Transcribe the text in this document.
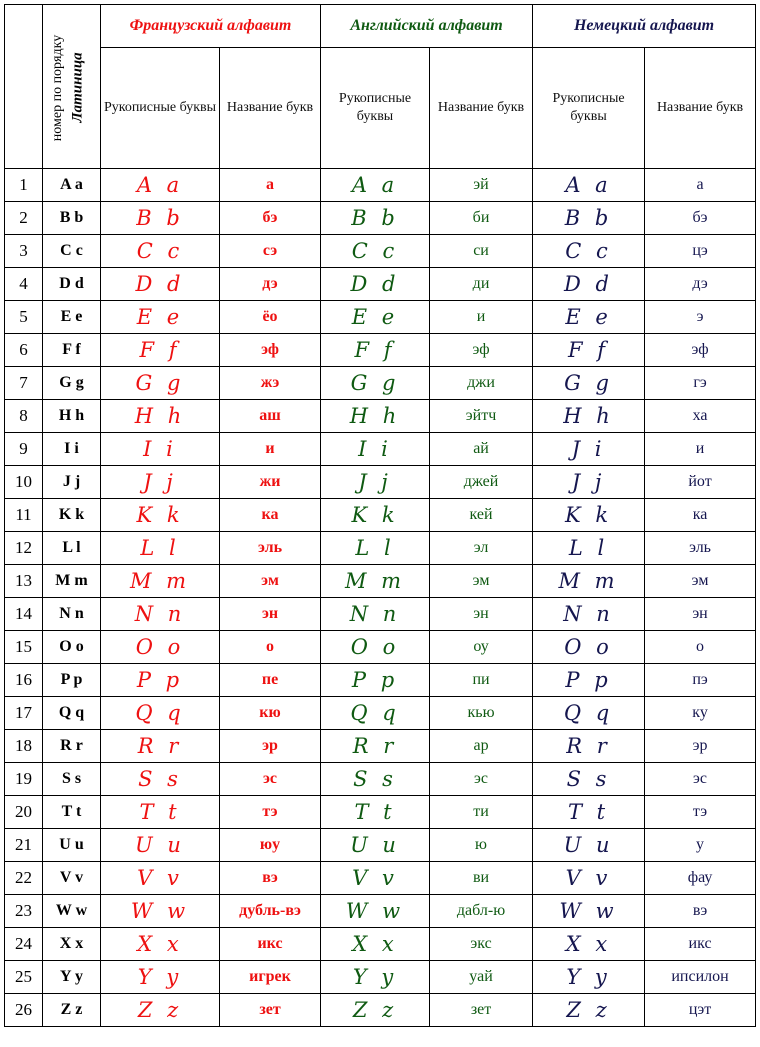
номер по порядку	Латиница	Французский алфавит		Английский алфавит		Немецкий алфавит	
		Рукописные буквы	Название букв	Рукописные буквы	Название букв	Рукописные буквы	Название букв
1	A a	A a	а	A a	эй	A a	а
2	B b	B b	бэ	B b	би	B b	бэ
3	C c	C c	сэ	C c	си	C c	цэ
4	D d	D d	дэ	D d	ди	D d	дэ
5	E e	E e	ёо	E e	и	E e	э
6	F f	F f	эф	F f	эф	F f	эф
7	G g	G g	жэ	G g	джи	G g	гэ
8	H h	H h	аш	H h	эйтч	H h	ха
9	I i	I i	и	I i	ай	J i	и
10	J j	J j	жи	J j	джей	J j	йот
11	K k	K k	ка	K k	кей	K k	ка
12	L l	L l	эль	L l	эл	L l	эль
13	M m	M m	эм	M m	эм	M m	эм
14	N n	N n	эн	N n	эн	N n	эн
15	O o	O o	о	O o	оу	O o	о
16	P p	P p	пе	P p	пи	P p	пэ
17	Q q	Q q	кю	Q q	кью	Q q	ку
18	R r	R r	эр	R r	ар	R r	эр
19	S s	S s	эс	S s	эс	S s	эс
20	T t	T t	тэ	T t	ти	T t	тэ
21	U u	U u	юу	U u	ю	U u	у
22	V v	V v	вэ	V v	ви	V v	фау
23	W w	W w	дубль-вэ	W w	дабл-ю	W w	вэ
24	X x	X x	икс	X x	экс	X x	икс
25	Y y	Y y	игрек	Y y	уай	Y y	ипсилон
26	Z z	Z z	зет	Z z	зет	Z z	цэт
